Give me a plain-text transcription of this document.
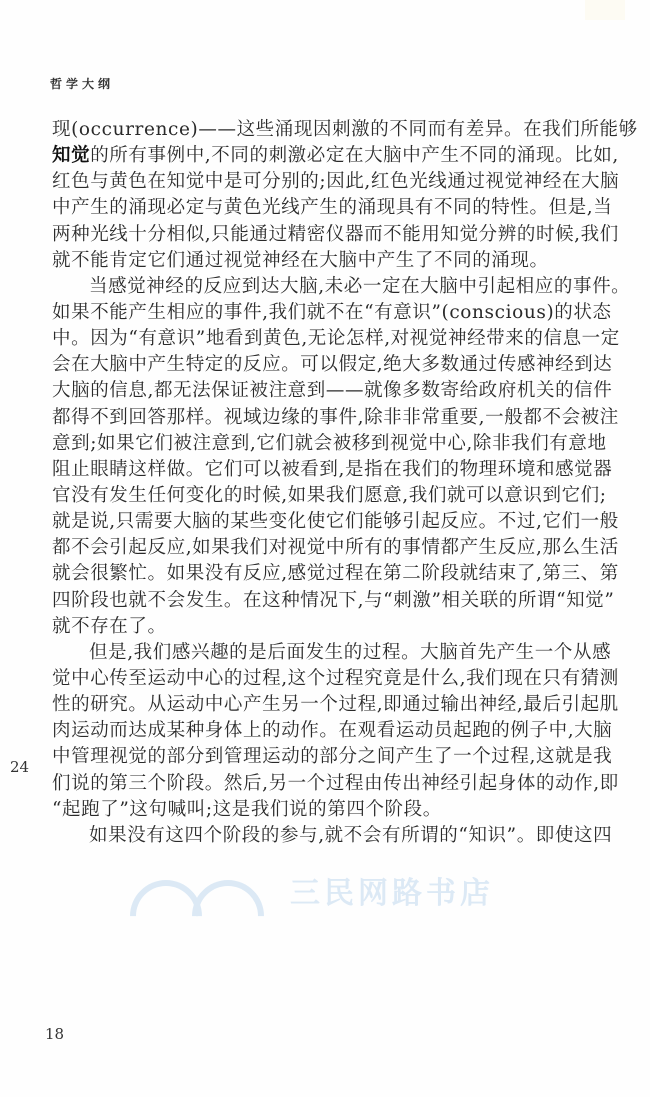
哲学大纲
24
现(occurrence)——这些涌现因刺激的不同而有差异。在我们所能够
知觉的所有事例中,不同的刺激必定在大脑中产生不同的涌现。比如,
红色与黄色在知觉中是可分别的;因此,红色光线通过视觉神经在大脑
中产生的涌现必定与黄色光线产生的涌现具有不同的特性。但是,当
两种光线十分相似,只能通过精密仪器而不能用知觉分辨的时候,我们
就不能肯定它们通过视觉神经在大脑中产生了不同的涌现。
当感觉神经的反应到达大脑,未必一定在大脑中引起相应的事件。
如果不能产生相应的事件,我们就不在“有意识”(conscious)的状态
中。因为“有意识”地看到黄色,无论怎样,对视觉神经带来的信息一定
会在大脑中产生特定的反应。可以假定,绝大多数通过传感神经到达
大脑的信息,都无法保证被注意到——就像多数寄给政府机关的信件
都得不到回答那样。视域边缘的事件,除非非常重要,一般都不会被注
意到;如果它们被注意到,它们就会被移到视觉中心,除非我们有意地
阻止眼睛这样做。它们可以被看到,是指在我们的物理环境和感觉器
官没有发生任何变化的时候,如果我们愿意,我们就可以意识到它们;
就是说,只需要大脑的某些变化使它们能够引起反应。不过,它们一般
都不会引起反应,如果我们对视觉中所有的事情都产生反应,那么生活
就会很繁忙。如果没有反应,感觉过程在第二阶段就结束了,第三、第
四阶段也就不会发生。在这种情况下,与“刺激”相关联的所谓“知觉”
就不存在了。
但是,我们感兴趣的是后面发生的过程。大脑首先产生一个从感
觉中心传至运动中心的过程,这个过程究竟是什么,我们现在只有猜测
性的研究。从运动中心产生另一个过程,即通过输出神经,最后引起肌
肉运动而达成某种身体上的动作。在观看运动员起跑的例子中,大脑
中管理视觉的部分到管理运动的部分之间产生了一个过程,这就是我
们说的第三个阶段。然后,另一个过程由传出神经引起身体的动作,即
“起跑了”这句喊叫;这是我们说的第四个阶段。
如果没有这四个阶段的参与,就不会有所谓的“知识”。即使这四
三民网路书店
18
